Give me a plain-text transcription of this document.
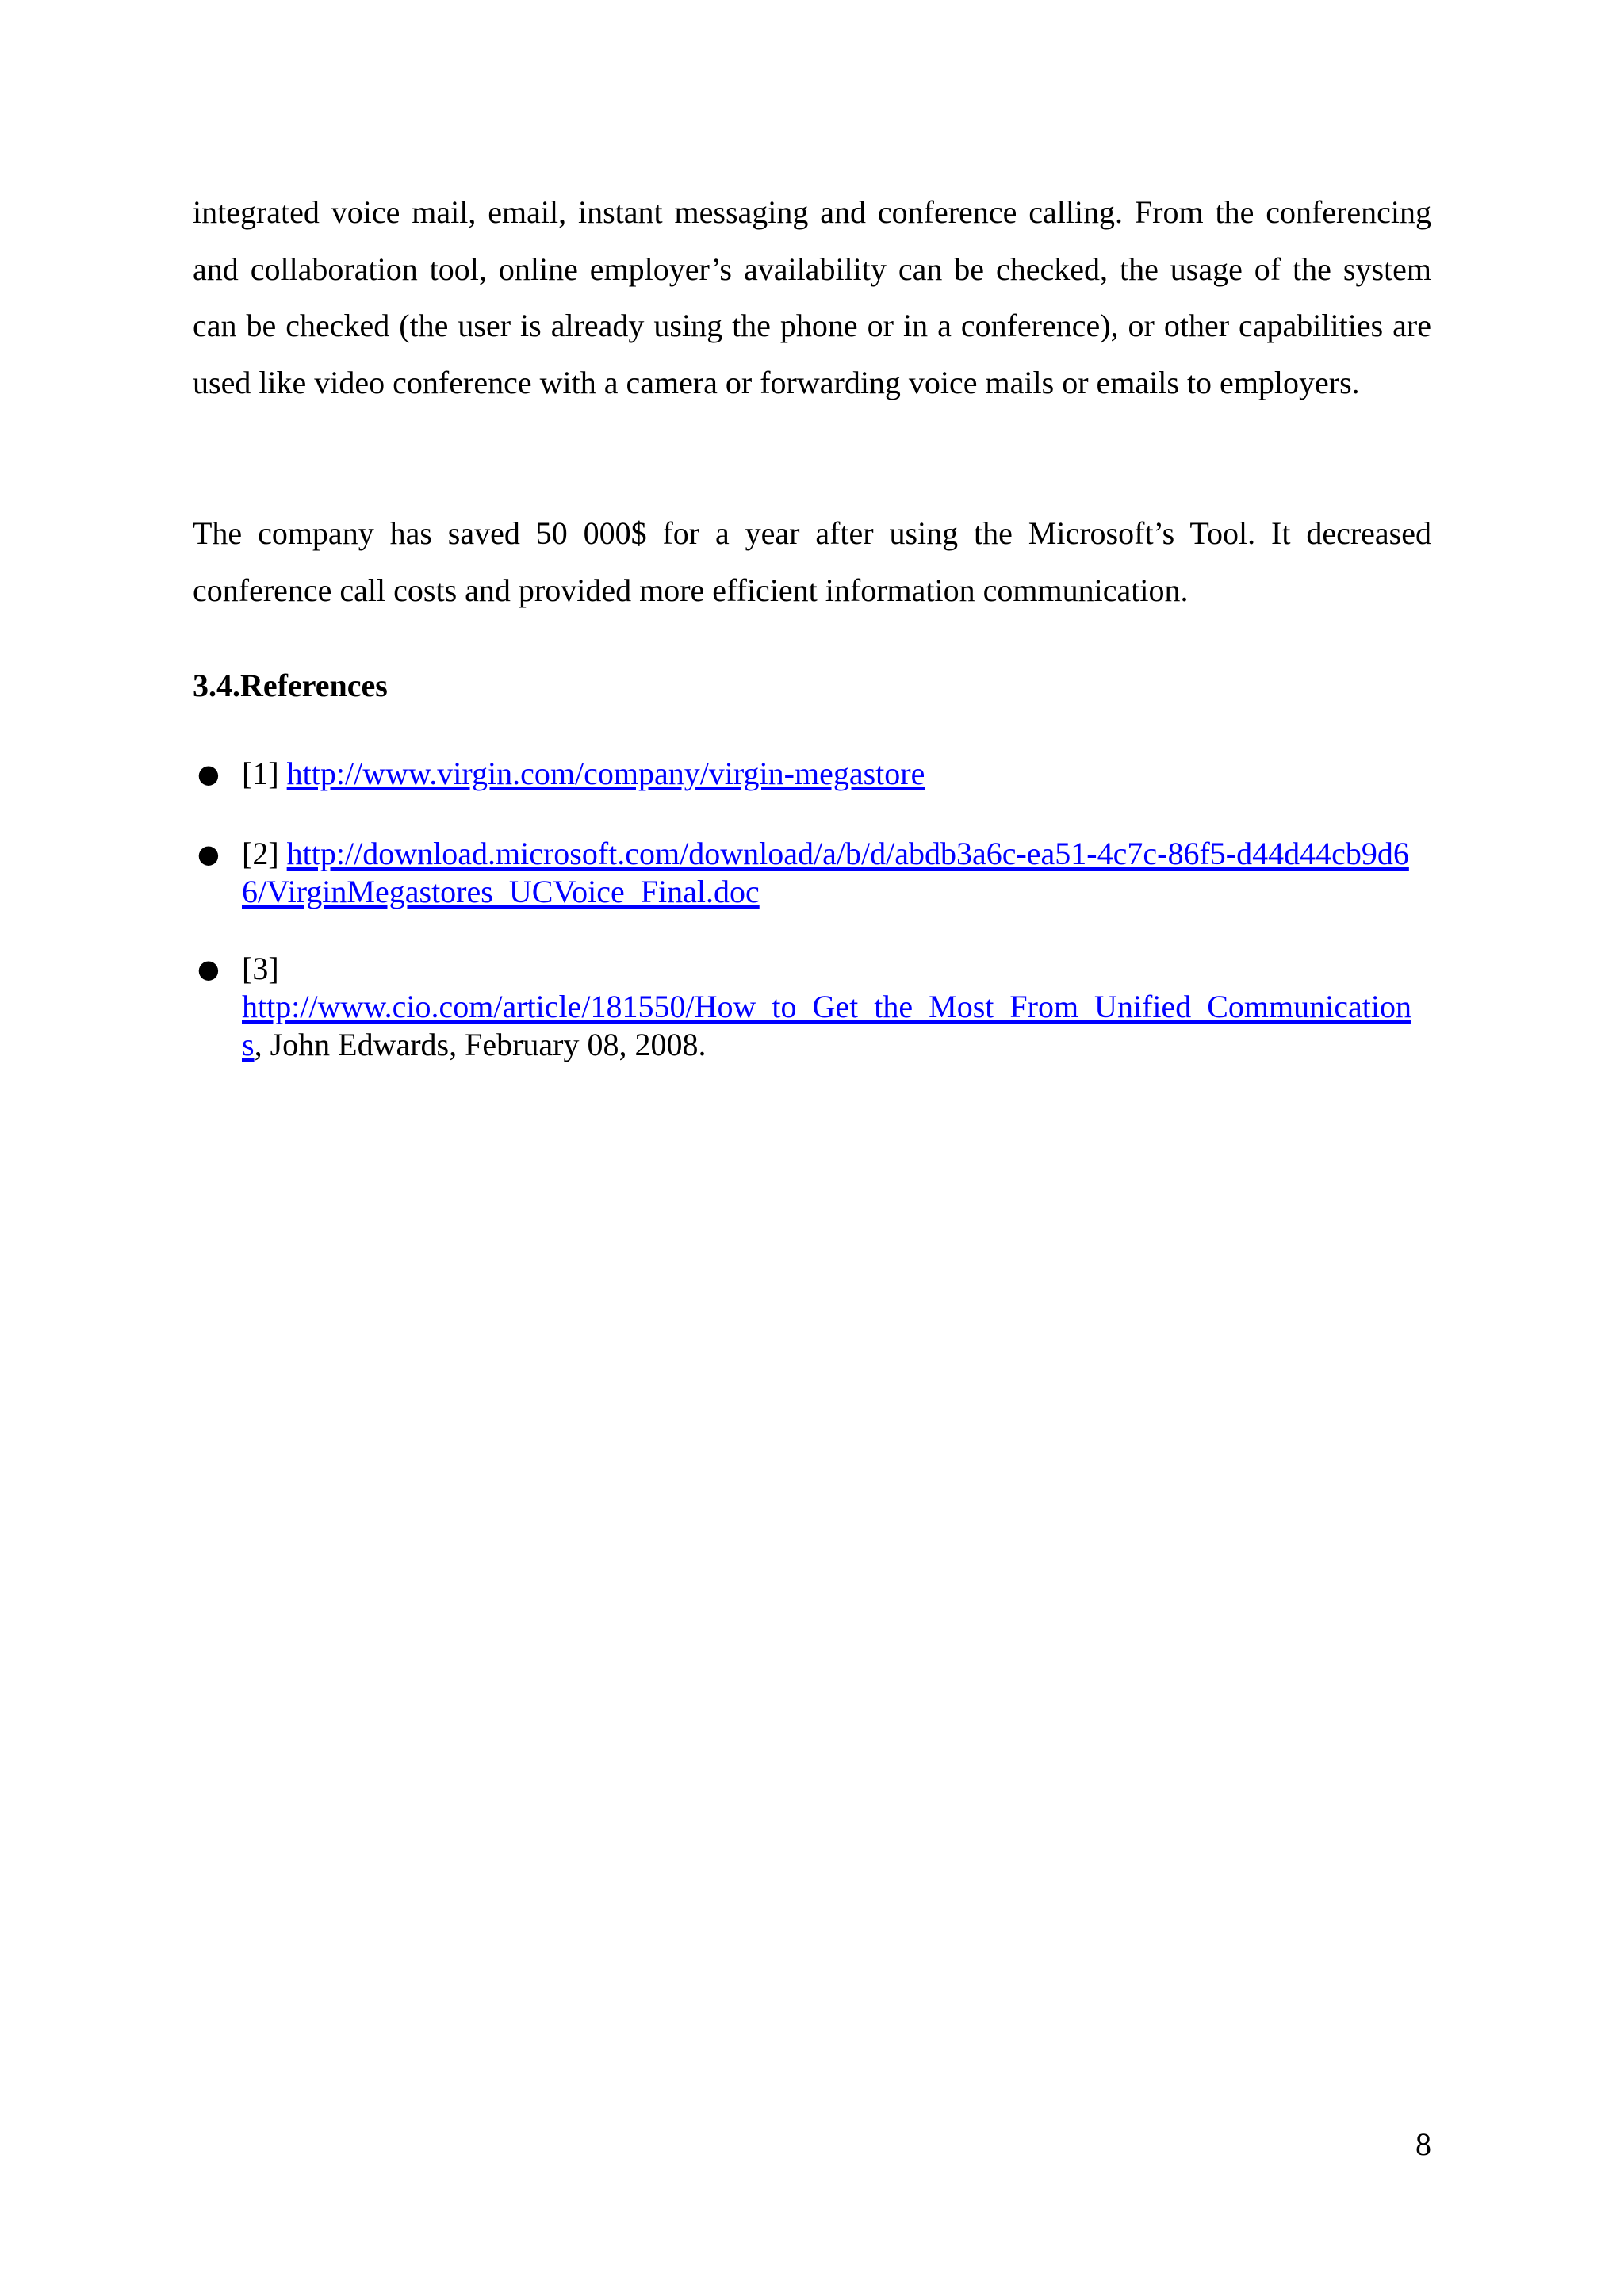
integrated voice mail, email, instant messaging and conference calling. From the conferencing and collaboration tool, online employer’s availability can be checked, the usage of the system can be checked (the user is already using the phone or in a conference), or other capabilities are used like video conference with a camera or forwarding voice mails or emails to employers.

The company has saved 50 000$ for a year after using the Microsoft’s Tool. It decreased conference call costs and provided more efficient information communication.

3.4.References
● [1] http://www.virgin.com/company/virgin-megastore
● [2] http://download.microsoft.com/download/a/b/d/abdb3a6c-ea51-4c7c-86f5-d44d44cb9d66/VirginMegastores_UCVoice_Final.doc
● [3]
http://www.cio.com/article/181550/How_to_Get_the_Most_From_Unified_Communications, John Edwards, February 08, 2008.
8
